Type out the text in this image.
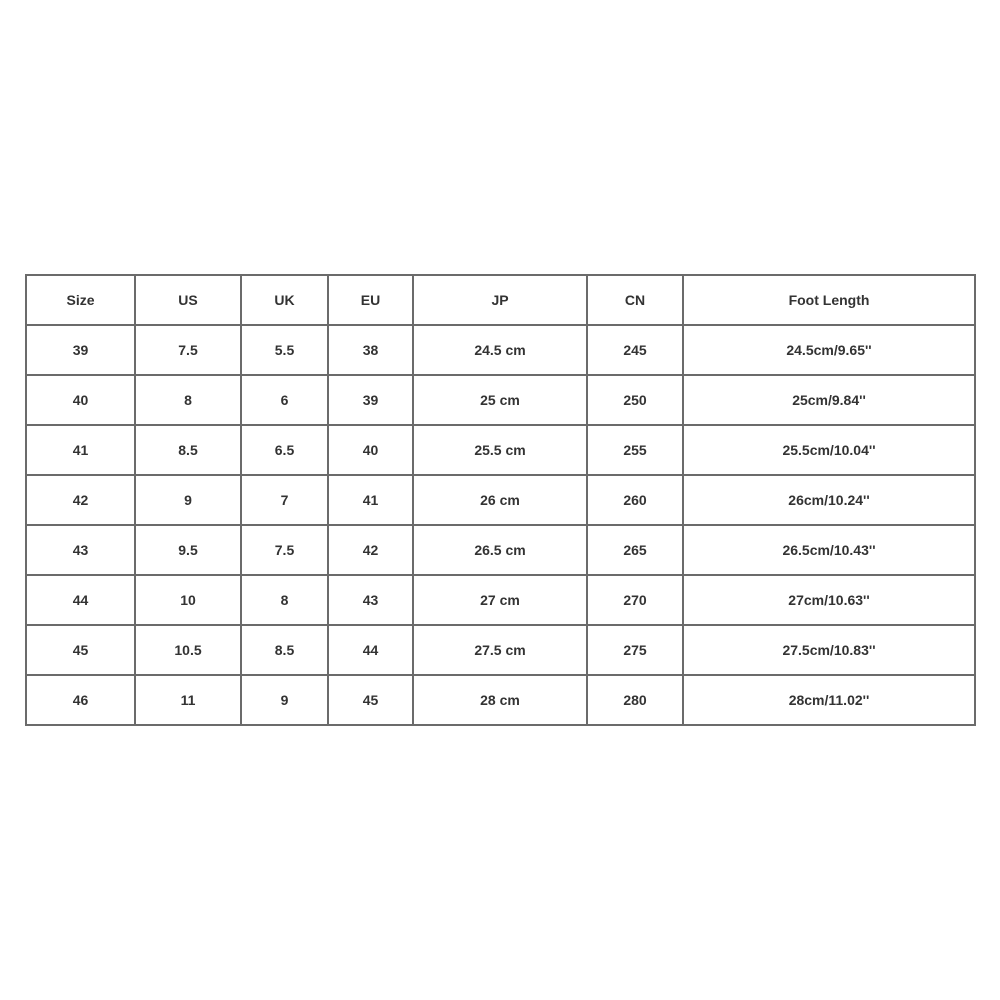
Size	US	UK	EU	JP	CN	Foot Length
39	7.5	5.5	38	24.5 cm	245	24.5cm/9.65''
40	8	6	39	25 cm	250	25cm/9.84''
41	8.5	6.5	40	25.5 cm	255	25.5cm/10.04''
42	9	7	41	26 cm	260	26cm/10.24''
43	9.5	7.5	42	26.5 cm	265	26.5cm/10.43''
44	10	8	43	27 cm	270	27cm/10.63''
45	10.5	8.5	44	27.5 cm	275	27.5cm/10.83''
46	11	9	45	28 cm	280	28cm/11.02''
